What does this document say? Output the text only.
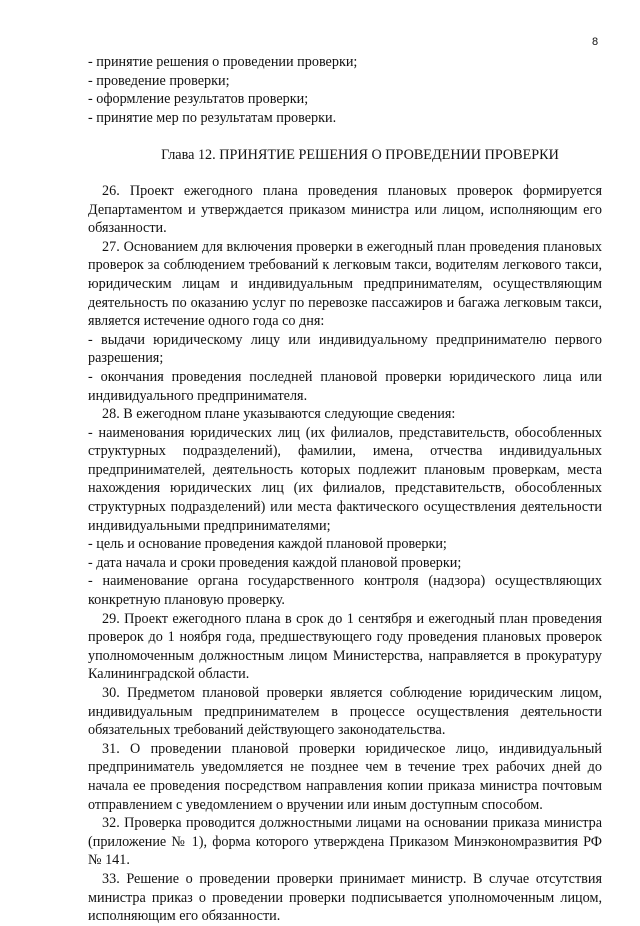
8
- принятие решения о проведении проверки;
- проведение проверки;
- оформление результатов проверки;
- принятие мер по результатам проверки.
Глава 12. ПРИНЯТИЕ РЕШЕНИЯ О ПРОВЕДЕНИИ ПРОВЕРКИ

26. Проект ежегодного плана проведения плановых проверок формируется Департаментом и утверждается приказом министра или лицом, исполняющим его обязанности.

27. Основанием для включения проверки в ежегодный план проведения плановых проверок за соблюдением требований к легковым такси, водителям легкового такси, юридическим лицам и индивидуальным предпринимателям, осуществляющим деятельность по оказанию услуг по перевозке пассажиров и багажа легковым такси, является истечение одного года со дня:

- выдачи юридическому лицу или индивидуальному предпринимателю первого разрешения;

- окончания проведения последней плановой проверки юридического лица или индивидуального предпринимателя.

28. В ежегодном плане указываются следующие сведения:

- наименования юридических лиц (их филиалов, представительств, обособленных структурных подразделений), фамилии, имена, отчества индивидуальных предпринимателей, деятельность которых подлежит плановым проверкам, места нахождения юридических лиц (их филиалов, представительств, обособленных структурных подразделений) или места фактического осуществления деятельности индивидуальными предпринимателями;

- цель и основание проведения каждой плановой проверки;

- дата начала и сроки проведения каждой плановой проверки;

- наименование органа государственного контроля (надзора) осуществляющих конкретную плановую проверку.

29. Проект ежегодного плана в срок до 1 сентября и ежегодный план проведения проверок до 1 ноября года, предшествующего году проведения плановых проверок уполномоченным должностным лицом Министерства, направляется в прокуратуру Калининградской области.

30. Предметом плановой проверки является соблюдение юридическим лицом, индивидуальным предпринимателем в процессе осуществления деятельности обязательных требований действующего законодательства.

31. О проведении плановой проверки юридическое лицо, индивидуальный предприниматель уведомляется не позднее чем в течение трех рабочих дней до начала ее проведения посредством направления копии приказа министра почтовым отправлением с уведомлением о вручении или иным доступным способом.

32. Проверка проводится должностными лицами на основании приказа министра (приложение № 1), форма которого утверждена Приказом Минэкономразвития РФ № 141.

33. Решение о проведении проверки принимает министр. В случае отсутствия министра приказ о проведении проверки подписывается уполномоченным лицом, исполняющим его обязанности.
